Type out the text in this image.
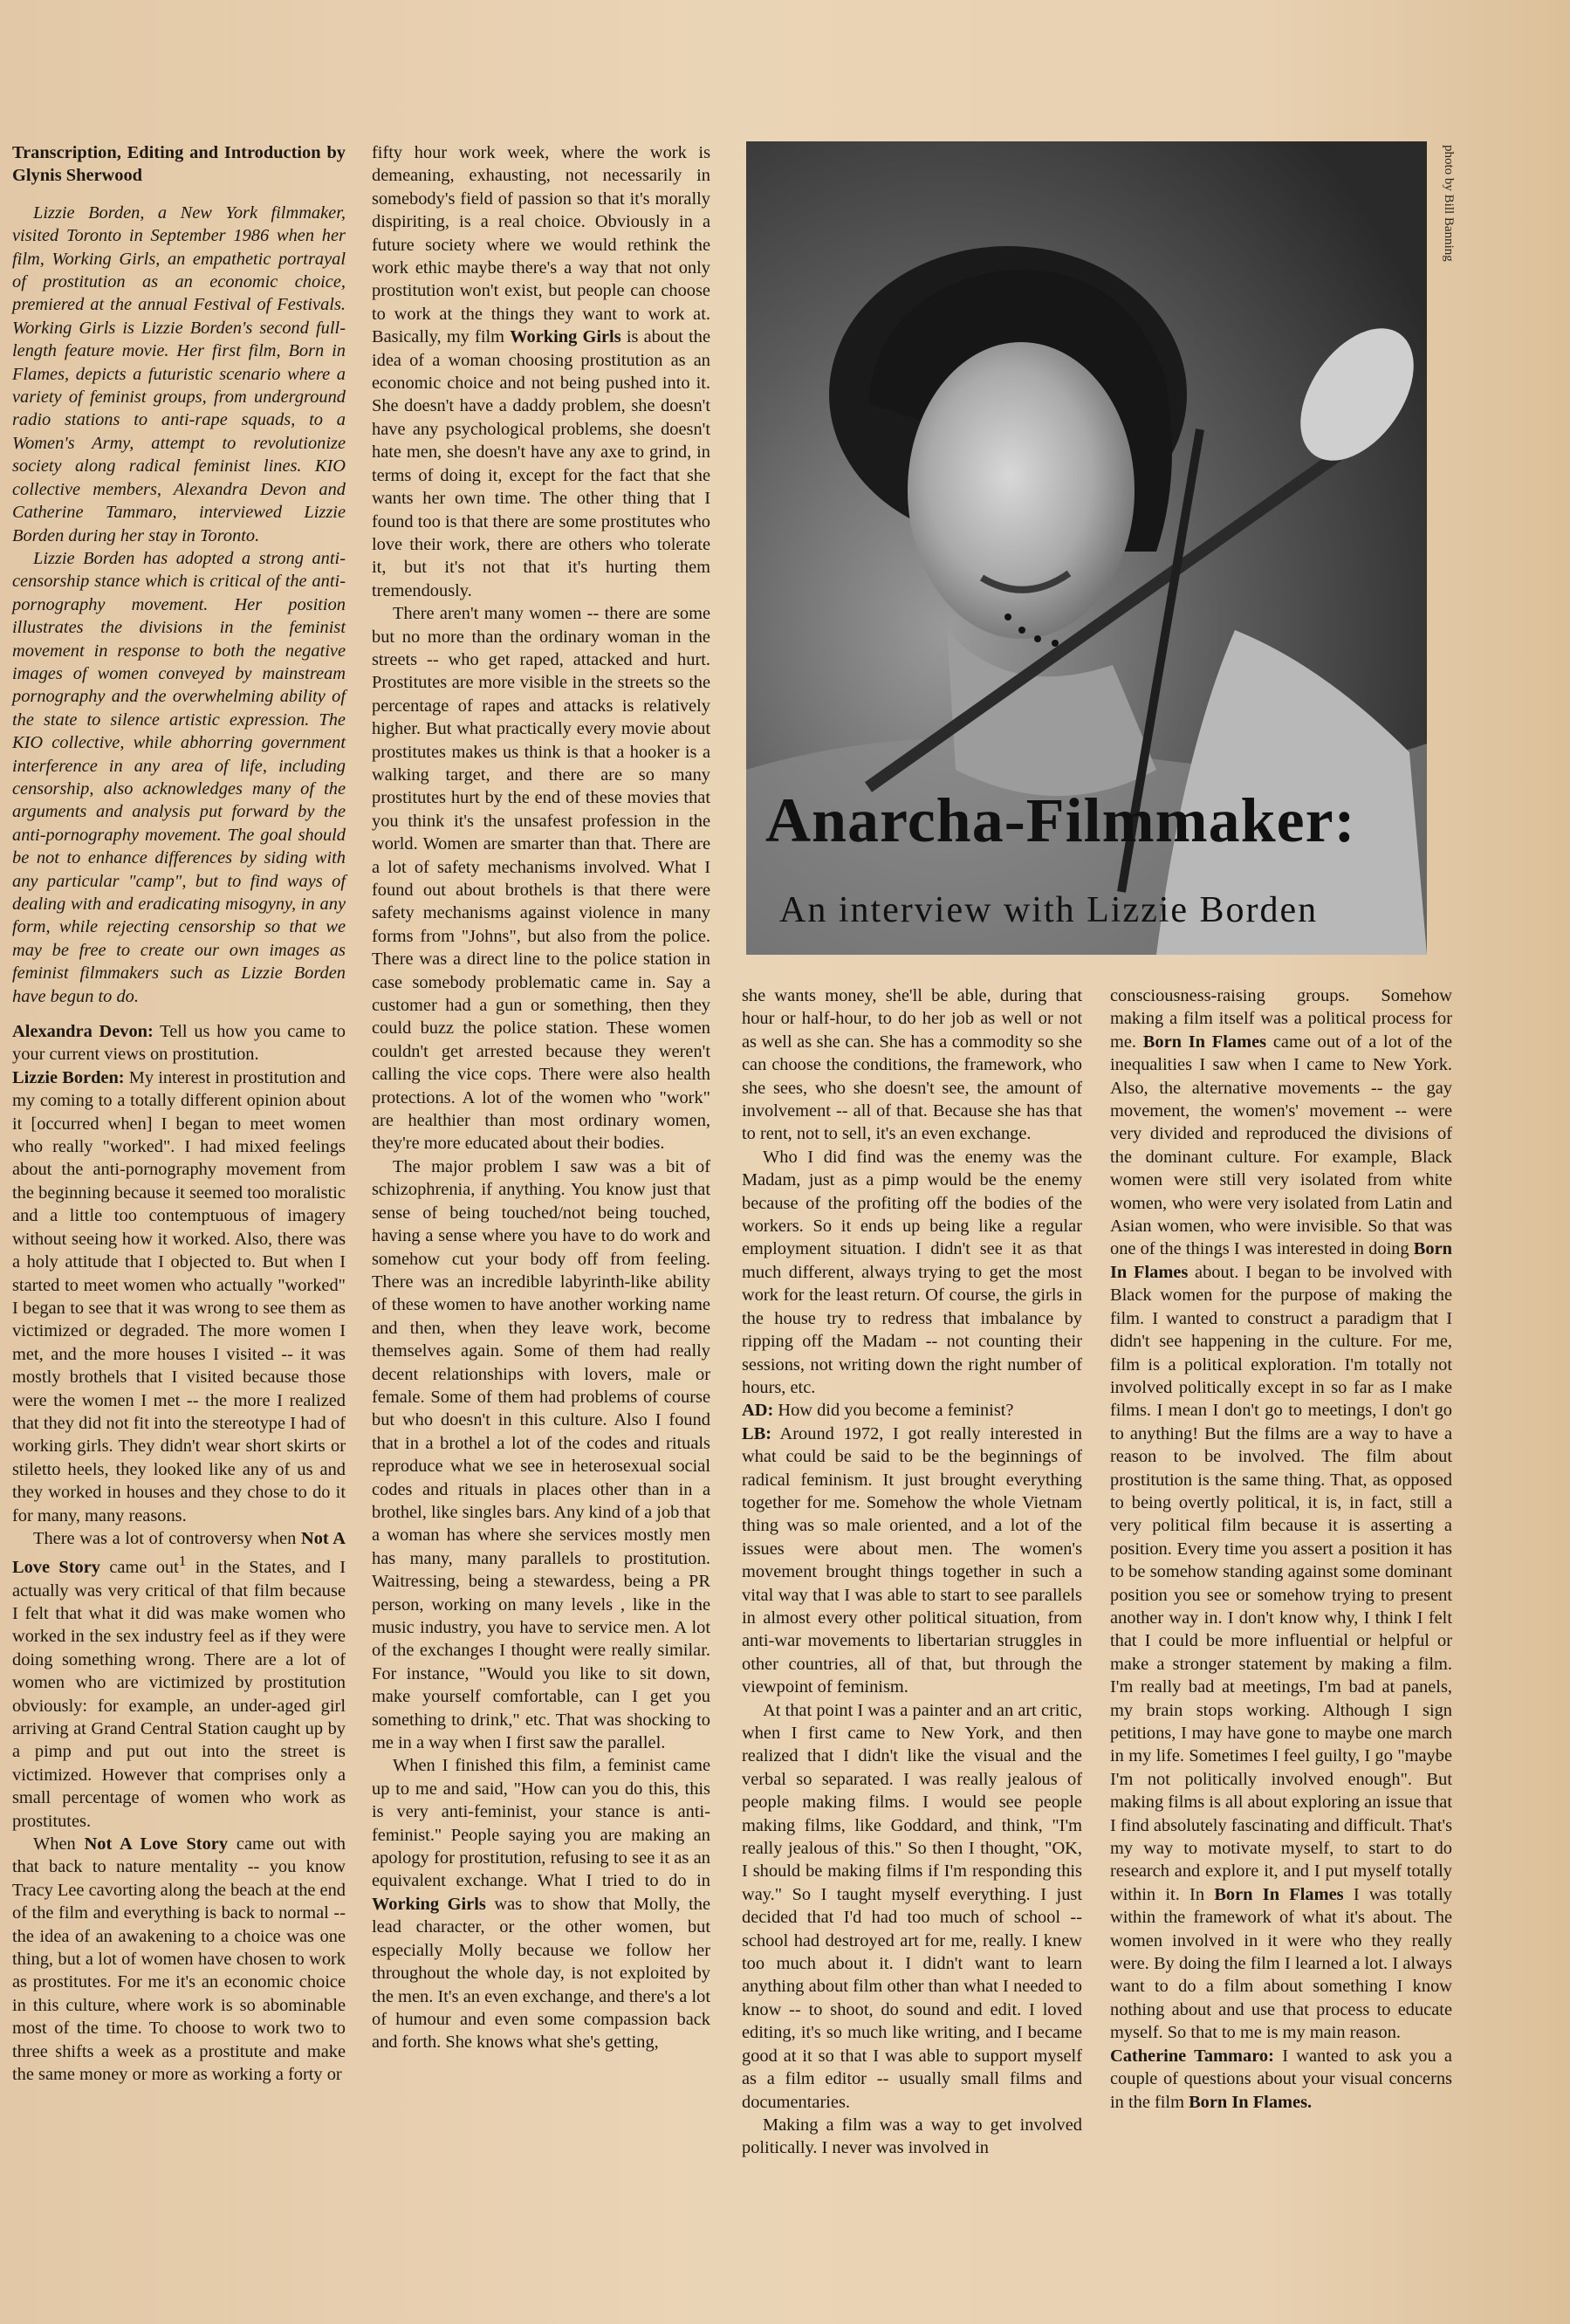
Transcription, Editing and Introduction by Glynis Sherwood

Lizzie Borden, a New York filmmaker, visited Toronto in September 1986 when her film, Working Girls, an empathetic portrayal of prostitution as an economic choice, premiered at the annual Festival of Festivals. Working Girls is Lizzie Borden's second full-length feature movie. Her first film, Born in Flames, depicts a futuristic scenario where a variety of feminist groups, from underground radio stations to anti-rape squads, to a Women's Army, attempt to revolutionize society along radical feminist lines. KIO collective members, Alexandra Devon and Catherine Tammaro, interviewed Lizzie Borden during her stay in Toronto.

Lizzie Borden has adopted a strong anti-censorship stance which is critical of the anti-pornography movement. Her position illustrates the divisions in the feminist movement in response to both the negative images of women conveyed by mainstream pornography and the overwhelming ability of the state to silence artistic expression. The KIO collective, while abhorring government interference in any area of life, including censorship, also acknowledges many of the arguments and analysis put forward by the anti-pornography movement. The goal should be not to enhance differences by siding with any particular "camp", but to find ways of dealing with and eradicating misogyny, in any form, while rejecting censorship so that we may be free to create our own images as feminist filmmakers such as Lizzie Borden have begun to do.

Alexandra Devon: Tell us how you came to your current views on prostitution.

Lizzie Borden: My interest in prostitution and my coming to a totally different opinion about it [occurred when] I began to meet women who really "worked". I had mixed feelings about the anti-pornography movement from the beginning because it seemed too moralistic and a little too contemptuous of imagery without seeing how it worked. Also, there was a holy attitude that I objected to. But when I started to meet women who actually "worked" I began to see that it was wrong to see them as victimized or degraded. The more women I met, and the more houses I visited -- it was mostly brothels that I visited because those were the women I met -- the more I realized that they did not fit into the stereotype I had of working girls. They didn't wear short skirts or stiletto heels, they looked like any of us and they worked in houses and they chose to do it for many, many reasons.

There was a lot of controversy when Not A Love Story came out$^1$ in the States, and I actually was very critical of that film because I felt that what it did was make women who worked in the sex industry feel as if they were doing something wrong. There are a lot of women who are victimized by prostitution obviously: for example, an under-aged girl arriving at Grand Central Station caught up by a pimp and put out into the street is victimized. However that comprises only a small percentage of women who work as prostitutes.

When Not A Love Story came out with that back to nature mentality -- you know Tracy Lee cavorting along the beach at the end of the film and everything is back to normal -- the idea of an awakening to a choice was one thing, but a lot of women have chosen to work as prostitutes. For me it's an economic choice in this culture, where work is so abominable most of the time. To choose to work two to three shifts a week as a prostitute and make the same money or more as working a forty or

fifty hour work week, where the work is demeaning, exhausting, not necessarily in somebody's field of passion so that it's morally dispiriting, is a real choice. Obviously in a future society where we would rethink the work ethic maybe there's a way that not only prostitution won't exist, but people can choose to work at the things they want to work at. Basically, my film Working Girls is about the idea of a woman choosing prostitution as an economic choice and not being pushed into it. She doesn't have a daddy problem, she doesn't have any psychological problems, she doesn't hate men, she doesn't have any axe to grind, in terms of doing it, except for the fact that she wants her own time. The other thing that I found too is that there are some prostitutes who love their work, there are others who tolerate it, but it's not that it's hurting them tremendously.

There aren't many women -- there are some but no more than the ordinary woman in the streets -- who get raped, attacked and hurt. Prostitutes are more visible in the streets so the percentage of rapes and attacks is relatively higher. But what practically every movie about prostitutes makes us think is that a hooker is a walking target, and there are so many prostitutes hurt by the end of these movies that you think it's the unsafest profession in the world. Women are smarter than that. There are a lot of safety mechanisms involved. What I found out about brothels is that there were safety mechanisms against violence in many forms from "Johns", but also from the police. There was a direct line to the police station in case somebody problematic came in. Say a customer had a gun or something, then they could buzz the police station. These women couldn't get arrested because they weren't calling the vice cops. There were also health protections. A lot of the women who "work" are healthier than most ordinary women, they're more educated about their bodies.

The major problem I saw was a bit of schizophrenia, if anything. You know just that sense of being touched/not being touched, having a sense where you have to do work and somehow cut your body off from feeling. There was an incredible labyrinth-like ability of these women to have another working name and then, when they leave work, become themselves again. Some of them had really decent relationships with lovers, male or female. Some of them had problems of course but who doesn't in this culture. Also I found that in a brothel a lot of the codes and rituals reproduce what we see in heterosexual social codes and rituals in places other than in a brothel, like singles bars. Any kind of a job that a woman has where she services mostly men has many, many parallels to prostitution. Waitressing, being a stewardess, being a PR person, working on many levels , like in the music industry, you have to service men. A lot of the exchanges I thought were really similar. For instance, "Would you like to sit down, make yourself comfortable, can I get you something to drink," etc. That was shocking to me in a way when I first saw the parallel.

When I finished this film, a feminist came up to me and said, "How can you do this, this is very anti-feminist, your stance is anti-feminist." People saying you are making an apology for prostitution, refusing to see it as an equivalent exchange. What I tried to do in Working Girls was to show that Molly, the lead character, or the other women, but especially Molly because we follow her throughout the whole day, is not exploited by the men. It's an even exchange, and there's a lot of humour and even some compassion back and forth. She knows what she's getting,

Anarcha-Filmmaker:
An interview with Lizzie Borden
photo by Bill Banning

she wants money, she'll be able, during that hour or half-hour, to do her job as well or not as well as she can. She has a commodity so she can choose the conditions, the framework, who she sees, who she doesn't see, the amount of involvement -- all of that. Because she has that to rent, not to sell, it's an even exchange.

Who I did find was the enemy was the Madam, just as a pimp would be the enemy because of the profiting off the bodies of the workers. So it ends up being like a regular employment situation. I didn't see it as that much different, always trying to get the most work for the least return. Of course, the girls in the house try to redress that imbalance by ripping off the Madam -- not counting their sessions, not writing down the right number of hours, etc.

AD: How did you become a feminist?

LB: Around 1972, I got really interested in what could be said to be the beginnings of radical feminism. It just brought everything together for me. Somehow the whole Vietnam thing was so male oriented, and a lot of the issues were about men. The women's movement brought things together in such a vital way that I was able to start to see parallels in almost every other political situation, from anti-war movements to libertarian struggles in other countries, all of that, but through the viewpoint of feminism.

At that point I was a painter and an art critic, when I first came to New York, and then realized that I didn't like the visual and the verbal so separated. I was really jealous of people making films. I would see people making films, like Goddard, and think, "I'm really jealous of this." So then I thought, "OK, I should be making films if I'm responding this way." So I taught myself everything. I just decided that I'd had too much of school -- school had destroyed art for me, really. I knew too much about it. I didn't want to learn anything about film other than what I needed to know -- to shoot, do sound and edit. I loved editing, it's so much like writing, and I became good at it so that I was able to support myself as a film editor -- usually small films and documentaries.

Making a film was a way to get involved politically. I never was involved in

consciousness-raising groups. Somehow making a film itself was a political process for me. Born In Flames came out of a lot of the inequalities I saw when I came to New York. Also, the alternative movements -- the gay movement, the women's' movement -- were very divided and reproduced the divisions of the dominant culture. For example, Black women were still very isolated from white women, who were very isolated from Latin and Asian women, who were invisible. So that was one of the things I was interested in doing Born In Flames about. I began to be involved with Black women for the purpose of making the film. I wanted to construct a paradigm that I didn't see happening in the culture. For me, film is a political exploration. I'm totally not involved politically except in so far as I make films. I mean I don't go to meetings, I don't go to anything! But the films are a way to have a reason to be involved. The film about prostitution is the same thing. That, as opposed to being overtly political, it is, in fact, still a very political film because it is asserting a position. Every time you assert a position it has to be somehow standing against some dominant position you see or somehow trying to present another way in. I don't know why, I think I felt that I could be more influential or helpful or make a stronger statement by making a film. I'm really bad at meetings, I'm bad at panels, my brain stops working. Although I sign petitions, I may have gone to maybe one march in my life. Sometimes I feel guilty, I go "maybe I'm not politically involved enough". But making films is all about exploring an issue that I find absolutely fascinating and difficult. That's my way to motivate myself, to start to do research and explore it, and I put myself totally within it. In Born In Flames I was totally within the framework of what it's about. The women involved in it were who they really were. By doing the film I learned a lot. I always want to do a film about something I know nothing about and use that process to educate myself. So that to me is my main reason.

Catherine Tammaro: I wanted to ask you a couple of questions about your visual concerns in the film Born In Flames.
